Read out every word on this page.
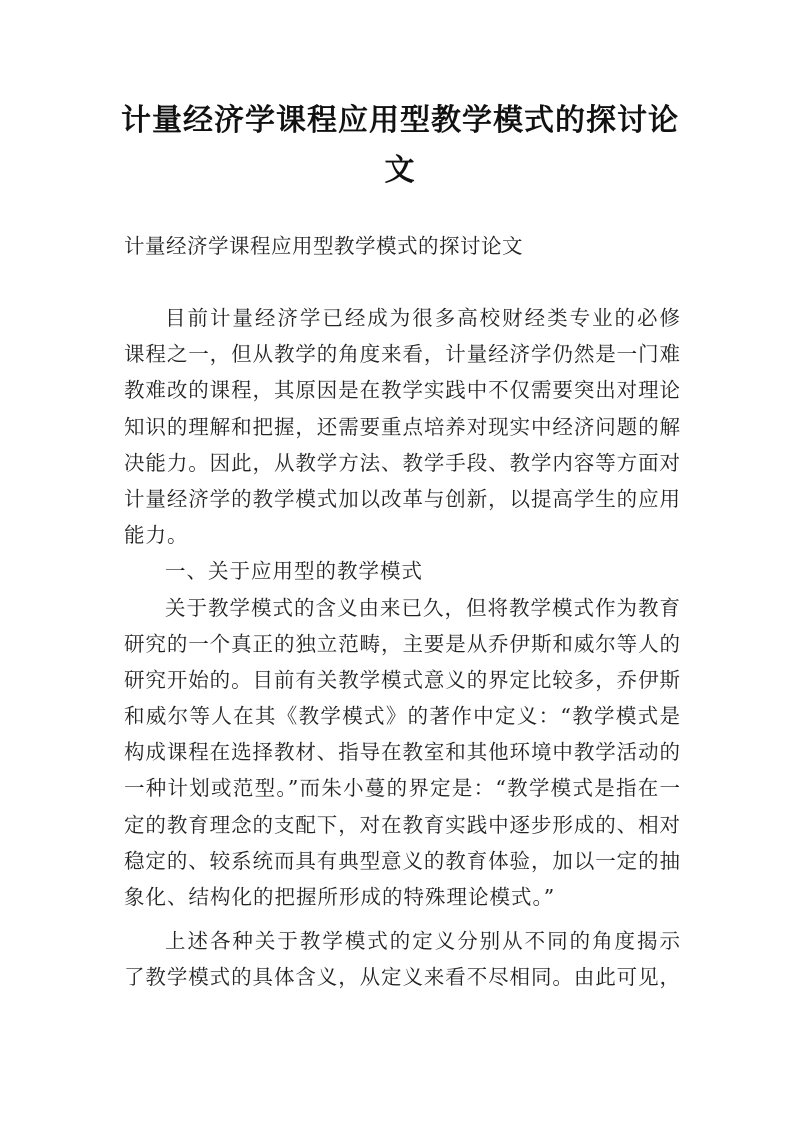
计量经济学课程应用型教学模式的探讨论
文

计量经济学课程应用型教学模式的探讨论文

目前计量经济学已经成为很多高校财经类专业的必修
课程之一，但从教学的角度来看，计量经济学仍然是一门难
教难改的课程，其原因是在教学实践中不仅需要突出对理论
知识的理解和把握，还需要重点培养对现实中经济问题的解
决能力。因此，从教学方法、教学手段、教学内容等方面对
计量经济学的教学模式加以改革与创新，以提高学生的应用
能力。
一、关于应用型的教学模式
关于教学模式的含义由来已久，但将教学模式作为教育
研究的一个真正的独立范畴，主要是从乔伊斯和威尔等人的
研究开始的。目前有关教学模式意义的界定比较多，乔伊斯
和威尔等人在其《教学模式》的著作中定义：“教学模式是
构成课程在选择教材、指导在教室和其他环境中教学活动的
一种计划或范型。”而朱小蔓的界定是：“教学模式是指在一
定的教育理念的支配下，对在教育实践中逐步形成的、相对
稳定的、较系统而具有典型意义的教育体验，加以一定的抽
象化、结构化的把握所形成的特殊理论模式。”
上述各种关于教学模式的定义分别从不同的角度揭示
了教学模式的具体含义，从定义来看不尽相同。由此可见，
